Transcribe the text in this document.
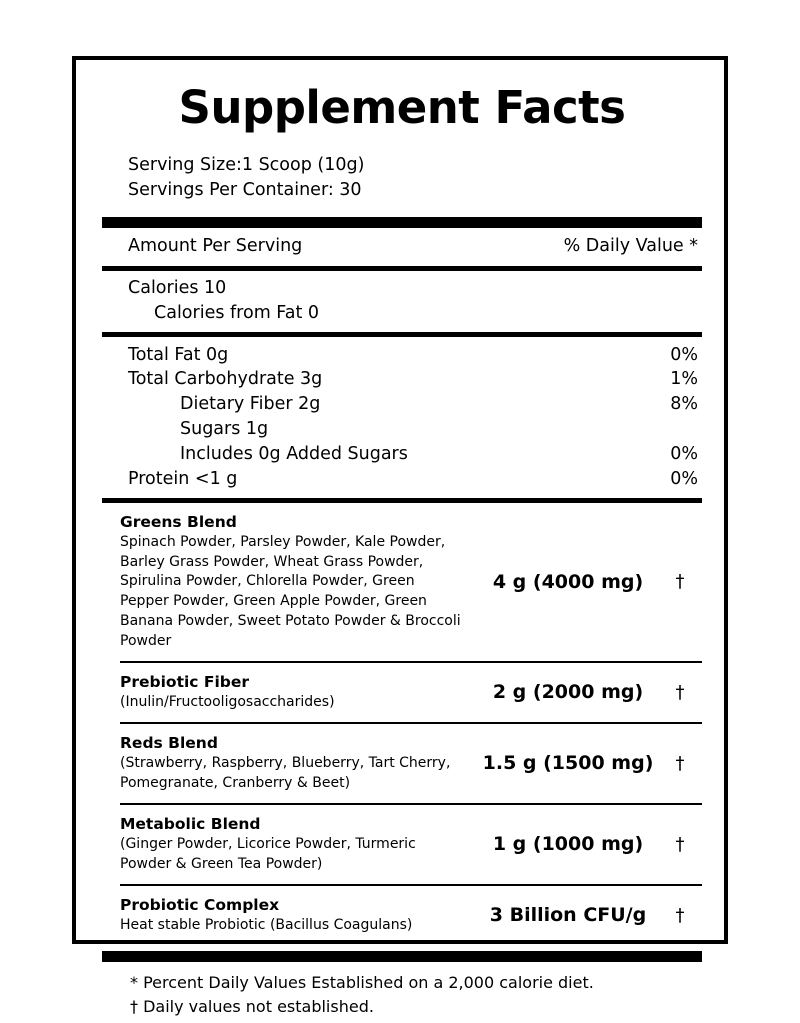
Supplement Facts
Serving Size:1 Scoop (10g)
Servings Per Container: 30
Amount Per Serving	% Daily Value *
Calories 10
Calories from Fat 0
Total Fat 0g	0%
Total Carbohydrate 3g	1%
Dietary Fiber 2g	8%
Sugars 1g
Includes 0g Added Sugars	0%
Protein <1 g	0%
Greens Blend
Spinach Powder, Parsley Powder, Kale Powder, Barley Grass Powder, Wheat Grass Powder, Spirulina Powder, Chlorella Powder, Green Pepper Powder, Green Apple Powder, Green Banana Powder, Sweet Potato Powder & Broccoli Powder
4 g (4000 mg)	†
Prebiotic Fiber
(Inulin/Fructooligosaccharides)	2 g (2000 mg)	†
Reds Blend
(Strawberry, Raspberry, Blueberry, Tart Cherry, Pomegranate, Cranberry & Beet)
1.5 g (1500 mg)	†
Metabolic Blend
(Ginger Powder, Licorice Powder, Turmeric Powder & Green Tea Powder)
1 g (1000 mg)	†
Probiotic Complex
Heat stable Probiotic (Bacillus Coagulans)	3 Billion CFU/g	†
* Percent Daily Values Established on a 2,000 calorie diet.
† Daily values not established.
